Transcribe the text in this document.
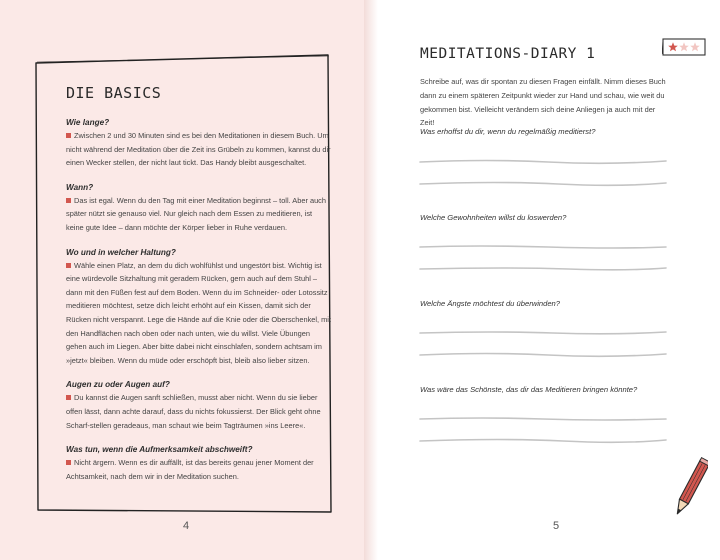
DIE BASICS
Wie lange?
Zwischen 2 und 30 Minuten sind es bei den Meditationen in diesem Buch. Um nicht während der Meditation über die Zeit ins Grübeln zu kommen, kannst du dir einen Wecker stellen, der nicht laut tickt. Das Handy bleibt ausgeschaltet.
Wann?
Das ist egal. Wenn du den Tag mit einer Meditation beginnst – toll. Aber auch später nützt sie genauso viel. Nur gleich nach dem Essen zu meditieren, ist keine gute Idee – dann möchte der Körper lieber in Ruhe verdauen.
Wo und in welcher Haltung?
Wähle einen Platz, an dem du dich wohlfühlst und ungestört bist. Wichtig ist eine würdevolle Sitzhaltung mit geradem Rücken, gern auch auf dem Stuhl – dann mit den Füßen fest auf dem Boden. Wenn du im Schneider- oder Lotossitz meditieren möchtest, setze dich leicht erhöht auf ein Kissen, damit sich der Rücken nicht verspannt. Lege die Hände auf die Knie oder die Oberschenkel, mit den Handflächen nach oben oder nach unten, wie du willst. Viele Übungen gehen auch im Liegen. Aber bitte dabei nicht einschlafen, sondern achtsam im »jetzt« bleiben. Wenn du müde oder erschöpft bist, bleib also lieber sitzen.
Augen zu oder Augen auf?
Du kannst die Augen sanft schließen, musst aber nicht. Wenn du sie lieber offen lässt, dann achte darauf, dass du nichts fokussierst. Der Blick geht ohne Scharf-stellen geradeaus, man schaut wie beim Tagträumen »ins Leere«.
Was tun, wenn die Aufmerksamkeit abschweift?
Nicht ärgern. Wenn es dir auffällt, ist das bereits genau jener Moment der Achtsamkeit, nach dem wir in der Meditation suchen.
4
MEDITATIONS-DIARY 1
Schreibe auf, was dir spontan zu diesen Fragen einfällt. Nimm dieses Buch dann zu einem späteren Zeitpunkt wieder zur Hand und schau, wie weit du gekommen bist. Vielleicht verändern sich deine Anliegen ja auch mit der Zeit!
Was erhoffst du dir, wenn du regelmäßig meditierst?
Welche Gewohnheiten willst du loswerden?
Welche Ängste möchtest du überwinden?
Was wäre das Schönste, das dir das Meditieren bringen könnte?
5
